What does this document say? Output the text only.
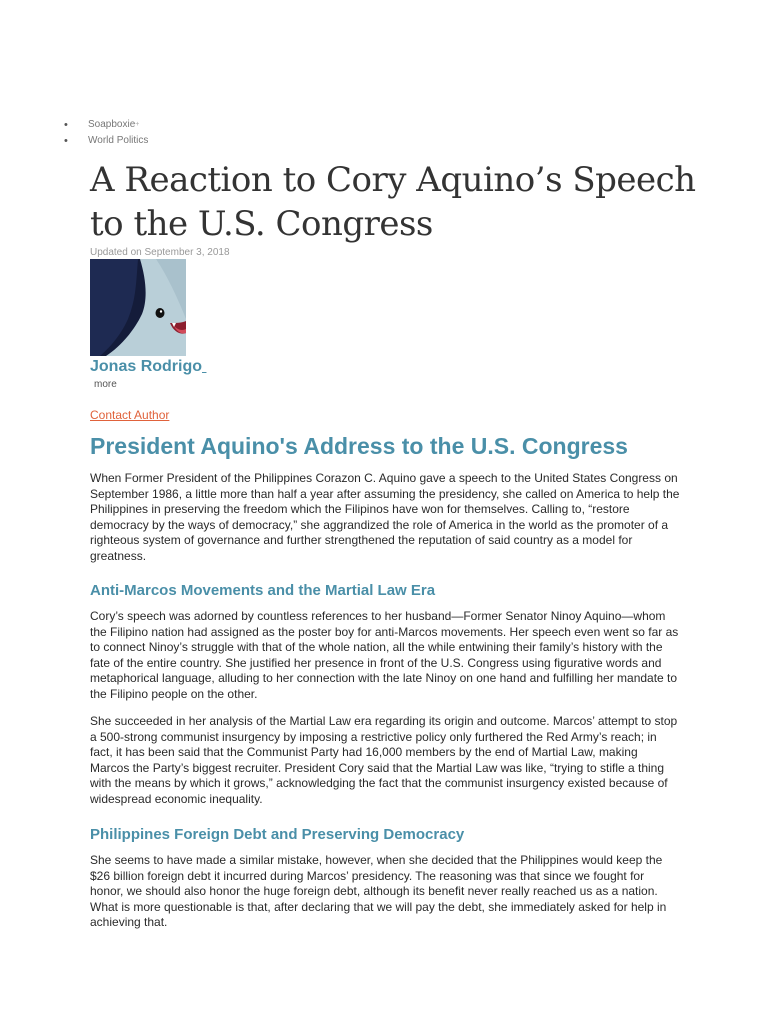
• Soapboxie+
• World Politics
A Reaction to Cory Aquino’s Speech to the U.S. Congress
Updated on September 3, 2018
Jonas Rodrigo
more
Contact Author
President Aquino's Address to the U.S. Congress

When Former President of the Philippines Corazon C. Aquino gave a speech to the United States Congress on September 1986, a little more than half a year after assuming the presidency, she called on America to help the Philippines in preserving the freedom which the Filipinos have won for themselves. Calling to, “restore democracy by the ways of democracy,” she aggrandized the role of America in the world as the promoter of a righteous system of governance and further strengthened the reputation of said country as a model for greatness.

Anti-Marcos Movements and the Martial Law Era

Cory’s speech was adorned by countless references to her husband—Former Senator Ninoy Aquino—whom the Filipino nation had assigned as the poster boy for anti-Marcos movements. Her speech even went so far as to connect Ninoy’s struggle with that of the whole nation, all the while entwining their family’s history with the fate of the entire country. She justified her presence in front of the U.S. Congress using figurative words and metaphorical language, alluding to her connection with the late Ninoy on one hand and fulfilling her mandate to the Filipino people on the other.

She succeeded in her analysis of the Martial Law era regarding its origin and outcome. Marcos’ attempt to stop a 500-strong communist insurgency by imposing a restrictive policy only furthered the Red Army’s reach; in fact, it has been said that the Communist Party had 16,000 members by the end of Martial Law, making Marcos the Party’s biggest recruiter. President Cory said that the Martial Law was like, “trying to stifle a thing with the means by which it grows,” acknowledging the fact that the communist insurgency existed because of widespread economic inequality.

Philippines Foreign Debt and Preserving Democracy

She seems to have made a similar mistake, however, when she decided that the Philippines would keep the $26 billion foreign debt it incurred during Marcos’ presidency. The reasoning was that since we fought for honor, we should also honor the huge foreign debt, although its benefit never really reached us as a nation. What is more questionable is that, after declaring that we will pay the debt, she immediately asked for help in achieving that.
